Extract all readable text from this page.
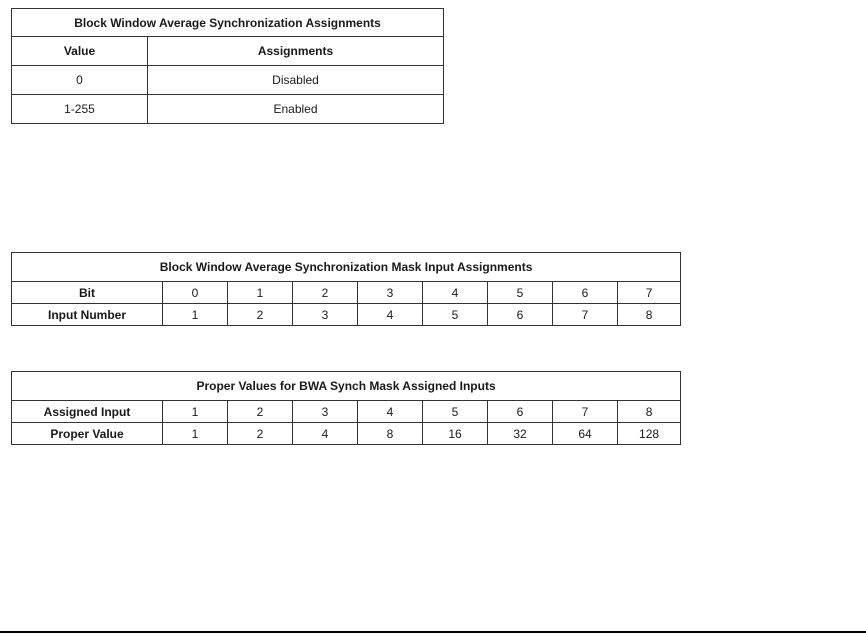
Block Window Average Synchronization Assignments	
Value	Assignments
0	Disabled
1-255	Enabled
Block Window Average Synchronization Mask Input Assignments								
Bit	0	1	2	3	4	5	6	7
Input Number	1	2	3	4	5	6	7	8
Proper Values for BWA Synch Mask Assigned Inputs								
Assigned Input	1	2	3	4	5	6	7	8
Proper Value	1	2	4	8	16	32	64	128
